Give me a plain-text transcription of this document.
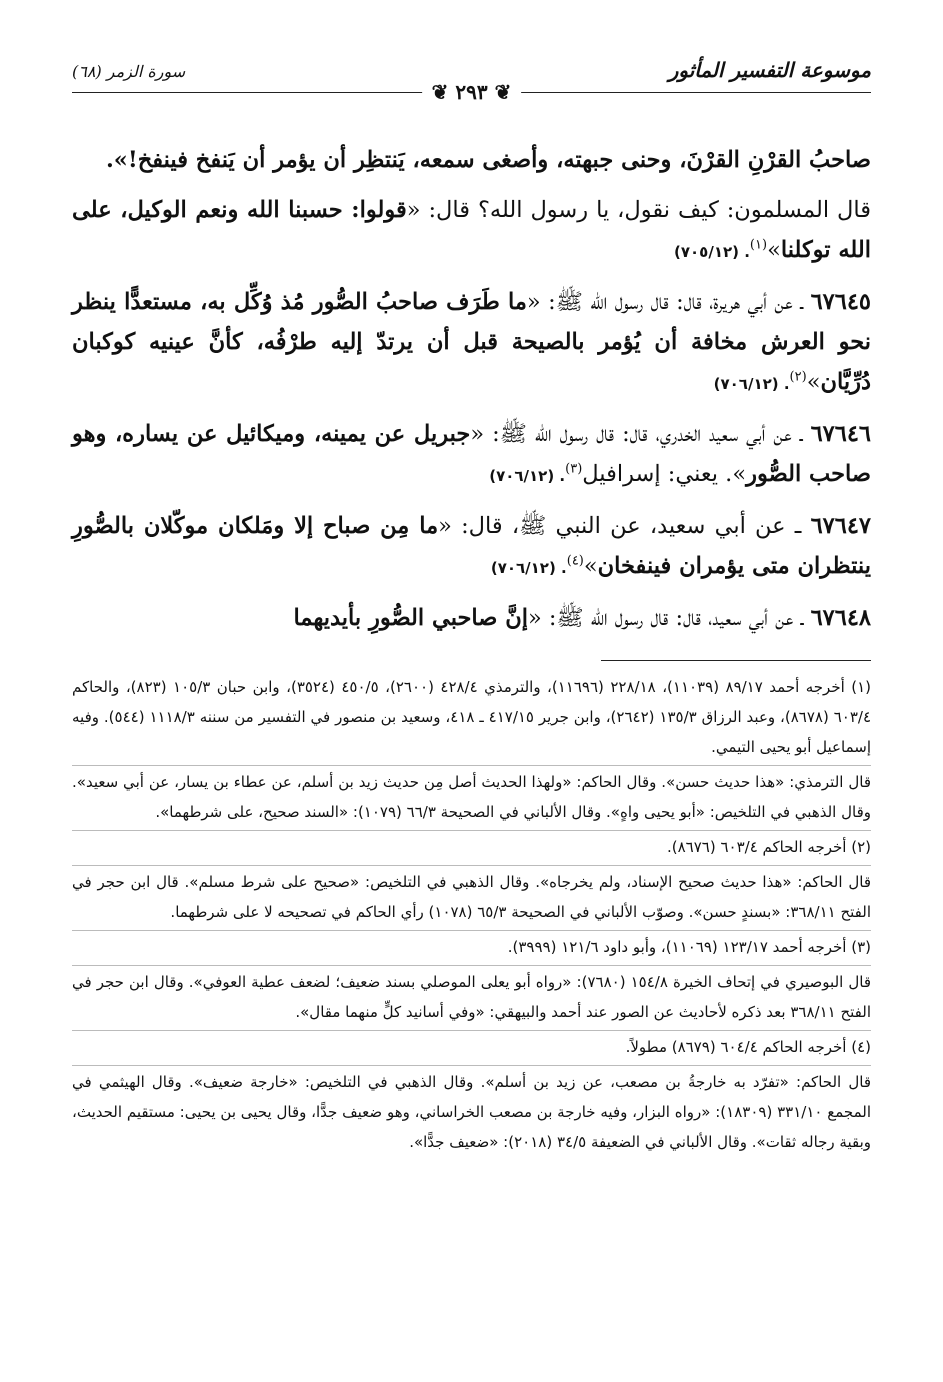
موسوعة التفسير المأثور
سورة الزمر (٦٨)
❦ ٢٩٣ ❦

صاحبُ القرْنِ القرْنَ، وحنى جبهته، وأصغى سمعه، يَنتظِر أن يؤمر أن يَنفخ فينفخ!».

قال المسلمون: كيف نقول، يا رسول الله؟ قال: «قولوا: حسبنا الله ونعم الوكيل، على الله توكلنا»$^{(١)}$. (٧٠٥/١٢)

٦٧٦٤٥ ـ عن أبي هريرة، قال: قال رسول الله ﷺ: «ما طَرَف صاحبُ الصُّور مُذ وُكِّل به، مستعدًّا ينظر نحو العرش مخافة أن يُؤمر بالصيحة قبل أن يرتدّ إليه طرْفُه، كأنَّ عينيه كوكبان دُرِّيَّان»$^{(٢)}$. (٧٠٦/١٢)

٦٧٦٤٦ ـ عن أبي سعيد الخدري، قال: قال رسول الله ﷺ: «جبريل عن يمينه، وميكائيل عن يساره، وهو صاحب الصُّور». يعني: إسرافيل$^{(٣)}$. (٧٠٦/١٢)

٦٧٦٤٧ ـ عن أبي سعيد، عن النبي ﷺ، قال: «ما مِن صباح إلا ومَلكان موكّلان بالصُّورِ ينتظران متى يؤمران فينفخان»$^{(٤)}$. (٧٠٦/١٢)

٦٧٦٤٨ ـ عن أبي سعيد، قال: قال رسول الله ﷺ: «إنَّ صاحبي الصُّورِ بأيديهما

(١) أخرجه أحمد ٨٩/١٧ (١١٠٣٩)، ٢٢٨/١٨ (١١٦٩٦)، والترمذي ٤٢٨/٤ (٢٦٠٠)، ٤٥٠/٥ (٣٥٢٤)، وابن حبان ١٠٥/٣ (٨٢٣)، والحاكم ٦٠٣/٤ (٨٦٧٨)، وعبد الرزاق ١٣٥/٣ (٢٦٤٢)، وابن جرير ٤١٧/١٥ ـ ٤١٨، وسعيد بن منصور في التفسير من سننه ١١١٨/٣ (٥٤٤). وفيه إسماعيل أبو يحيى التيمي.

قال الترمذي: «هذا حديث حسن». وقال الحاكم: «ولهذا الحديث أصل مِن حديث زيد بن أسلم، عن عطاء بن يسار، عن أبي سعيد». وقال الذهبي في التلخيص: «أبو يحيى واهٍ». وقال الألباني في الصحيحة ٦٦/٣ (١٠٧٩): «السند صحيح، على شرطهما».

(٢) أخرجه الحاكم ٦٠٣/٤ (٨٦٧٦).

قال الحاكم: «هذا حديث صحيح الإسناد، ولم يخرجاه». وقال الذهبي في التلخيص: «صحيح على شرط مسلم». قال ابن حجر في الفتح ٣٦٨/١١: «بسندٍ حسن». وصوّب الألباني في الصحيحة ٦٥/٣ (١٠٧٨) رأي الحاكم في تصحيحه لا على شرطهما.

(٣) أخرجه أحمد ١٢٣/١٧ (١١٠٦٩)، وأبو داود ١٢١/٦ (٣٩٩٩).

قال البوصيري في إتحاف الخيرة ١٥٤/٨ (٧٦٨٠): «رواه أبو يعلى الموصلي بسند ضعيف؛ لضعف عطية العوفي». وقال ابن حجر في الفتح ٣٦٨/١١ بعد ذكره لأحاديث عن الصور عند أحمد والبيهقي: «وفي أسانيد كلٍّ منهما مقال».

(٤) أخرجه الحاكم ٦٠٤/٤ (٨٦٧٩) مطولاً.

قال الحاكم: «تفرّد به خارجةُ بن مصعب، عن زيد بن أسلم». وقال الذهبي في التلخيص: «خارجة ضعيف». وقال الهيثمي في المجمع ٣٣١/١٠ (١٨٣٠٩): «رواه البزار، وفيه خارجة بن مصعب الخراساني، وهو ضعيف جدًّا، وقال يحيى بن يحيى: مستقيم الحديث، وبقية رجاله ثقات». وقال الألباني في الضعيفة ٣٤/٥ (٢٠١٨): «ضعيف جدًّا».
